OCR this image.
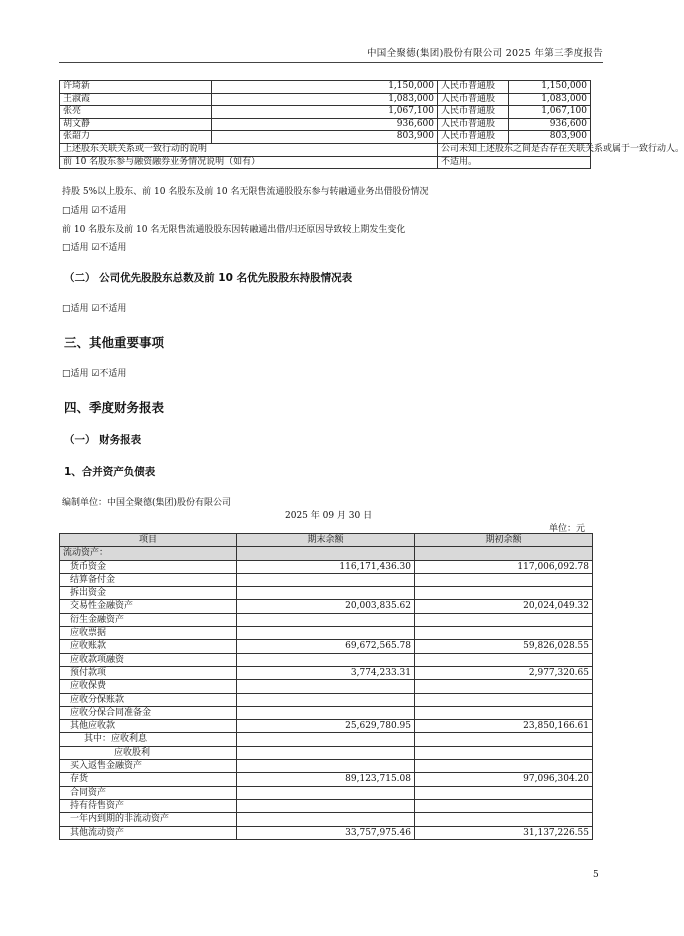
中国全聚德(集团)股份有限公司 2025 年第三季度报告
许琦新	1,150,000	人民币普通股	1,150,000
王淑霞	1,083,000	人民币普通股	1,083,000
张亮	1,067,100	人民币普通股	1,067,100
胡文静	936,600	人民币普通股	936,600
张韶力	803,900	人民币普通股	803,900
上述股东关联关系或一致行动的说明		公司未知上述股东之间是否存在关联关系或属于一致行动人。	
前 10 名股东参与融资融券业务情况说明（如有）		不适用。	
持股 5%以上股东、前 10 名股东及前 10 名无限售流通股股东参与转融通业务出借股份情况
□适用 ☑不适用
前 10 名股东及前 10 名无限售流通股股东因转融通出借/归还原因导致较上期发生变化
□适用 ☑不适用
（二） 公司优先股股东总数及前 10 名优先股股东持股情况表
□适用 ☑不适用
三、其他重要事项
□适用 ☑不适用
四、季度财务报表
（一） 财务报表
1、合并资产负债表
编制单位：中国全聚德(集团)股份有限公司
2025 年 09 月 30 日
单位：元
项目	期末余额	期初余额
流动资产：		
货币资金	116,171,436.30	117,006,092.78
结算备付金		
拆出资金		
交易性金融资产	20,003,835.62	20,024,049.32
衍生金融资产		
应收票据		
应收账款	69,672,565.78	59,826,028.55
应收款项融资		
预付款项	3,774,233.31	2,977,320.65
应收保费		
应收分保账款		
应收分保合同准备金		
其他应收款	25,629,780.95	23,850,166.61
其中：应收利息		
应收股利		
买入返售金融资产		
存货	89,123,715.08	97,096,304.20
合同资产		
持有待售资产		
一年内到期的非流动资产		
其他流动资产	33,757,975.46	31,137,226.55
5
